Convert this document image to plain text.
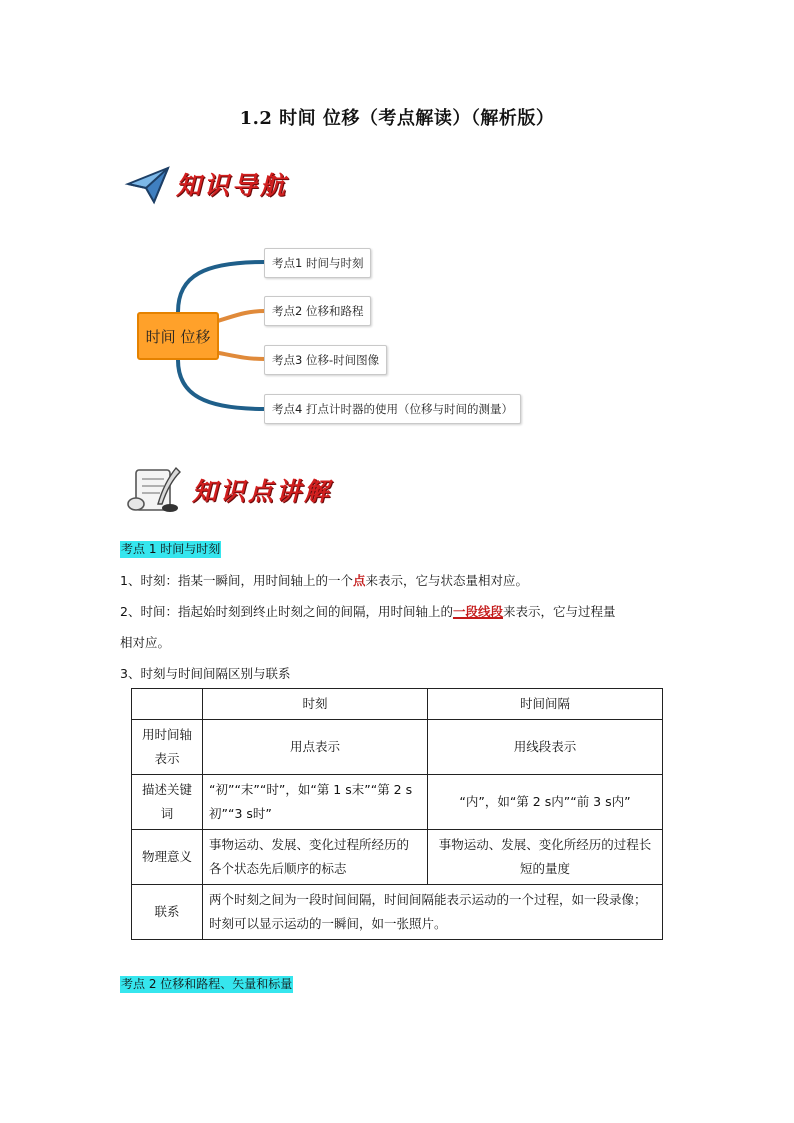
1.2 时间 位移（考点解读）（解析版）
知识导航
时间 位移
考点1 时间与时刻
考点2 位移和路程
考点3 位移-时间图像
考点4 打点计时器的使用（位移与时间的测量）
知识点讲解
考点 1 时间与时刻
1、时刻：指某一瞬间，用时间轴上的一个点来表示，它与状态量相对应。
2、时间：指起始时刻到终止时刻之间的间隔，用时间轴上的一段线段来表示，它与过程量
相对应。
3、时刻与时间间隔区别与联系
	时刻	时间间隔
用时间轴表示	用点表示	用线段表示
描述关键词	“初”“末”“时”，如“第 1 s末”“第 2 s初”“3 s时”	“内”，如“第 2 s内”“前 3 s内”
物理意义	事物运动、发展、变化过程所经历的各个状态先后顺序的标志	事物运动、发展、变化所经历的过程长短的量度
联系	两个时刻之间为一段时间间隔，时间间隔能表示运动的一个过程，如一段录像；时刻可以显示运动的一瞬间，如一张照片。	
考点 2 位移和路程、矢量和标量
